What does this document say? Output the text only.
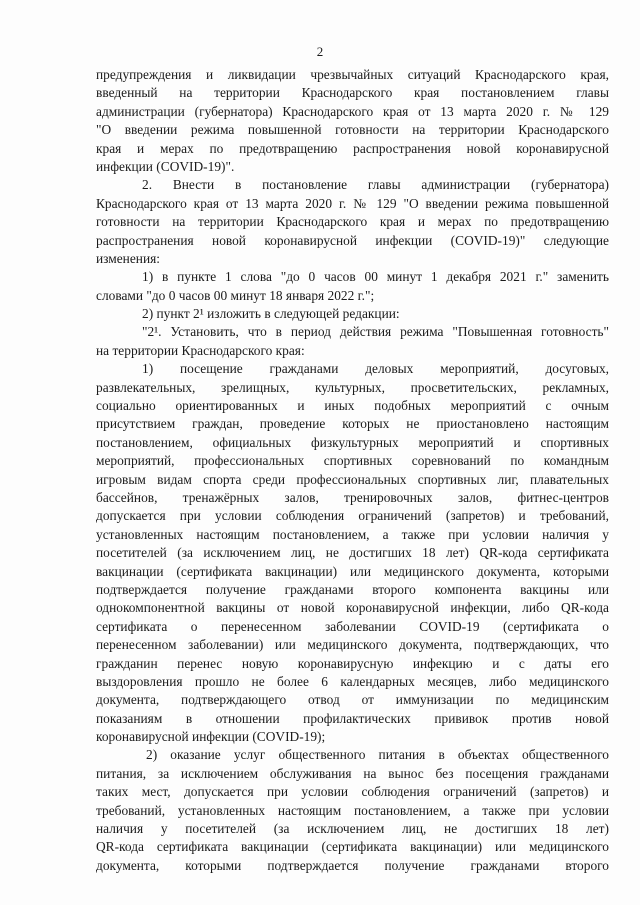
2
предупреждения и ликвидации чрезвычайных ситуаций Краснодарского края,
введенный на территории Краснодарского края постановлением главы
администрации (губернатора) Краснодарского края от 13 марта 2020 г. № 129
"О введении режима повышенной готовности на территории Краснодарского
края и мерах по предотвращению распространения новой коронавирусной
инфекции (COVID-19)".
2. Внести в постановление главы администрации (губернатора)
Краснодарского края от 13 марта 2020 г. № 129 "О введении режима повышенной
готовности на территории Краснодарского края и мерах по предотвращению
распространения новой коронавирусной инфекции (COVID-19)" следующие
изменения:
1) в пункте 1 слова "до 0 часов 00 минут 1 декабря 2021 г." заменить
словами "до 0 часов 00 минут 18 января 2022 г.";
2) пункт 2¹ изложить в следующей редакции:
"2¹. Установить, что в период действия режима "Повышенная готовность"
на территории Краснодарского края:
1) посещение гражданами деловых мероприятий, досуговых,
развлекательных, зрелищных, культурных, просветительских, рекламных,
социально ориентированных и иных подобных мероприятий с очным
присутствием граждан, проведение которых не приостановлено настоящим
постановлением, официальных физкультурных мероприятий и спортивных
мероприятий, профессиональных спортивных соревнований по командным
игровым видам спорта среди профессиональных спортивных лиг, плавательных
бассейнов, тренажёрных залов, тренировочных залов, фитнес-центров
допускается при условии соблюдения ограничений (запретов) и требований,
установленных настоящим постановлением, а также при условии наличия у
посетителей (за исключением лиц, не достигших 18 лет) QR-кода сертификата
вакцинации (сертификата вакцинации) или медицинского документа, которыми
подтверждается получение гражданами второго компонента вакцины или
однокомпонентной вакцины от новой коронавирусной инфекции, либо QR-кода
сертификата о перенесенном заболевании COVID-19 (сертификата о
перенесенном заболевании) или медицинского документа, подтверждающих, что
гражданин перенес новую коронавирусную инфекцию и с даты его
выздоровления прошло не более 6 календарных месяцев, либо медицинского
документа, подтверждающего отвод от иммунизации по медицинским
показаниям в отношении профилактических прививок против новой
коронавирусной инфекции (COVID-19);
2) оказание услуг общественного питания в объектах общественного
питания, за исключением обслуживания на вынос без посещения гражданами
таких мест, допускается при условии соблюдения ограничений (запретов) и
требований, установленных настоящим постановлением, а также при условии
наличия у посетителей (за исключением лиц, не достигших 18 лет)
QR-кода сертификата вакцинации (сертификата вакцинации) или медицинского
документа, которыми подтверждается получение гражданами второго
